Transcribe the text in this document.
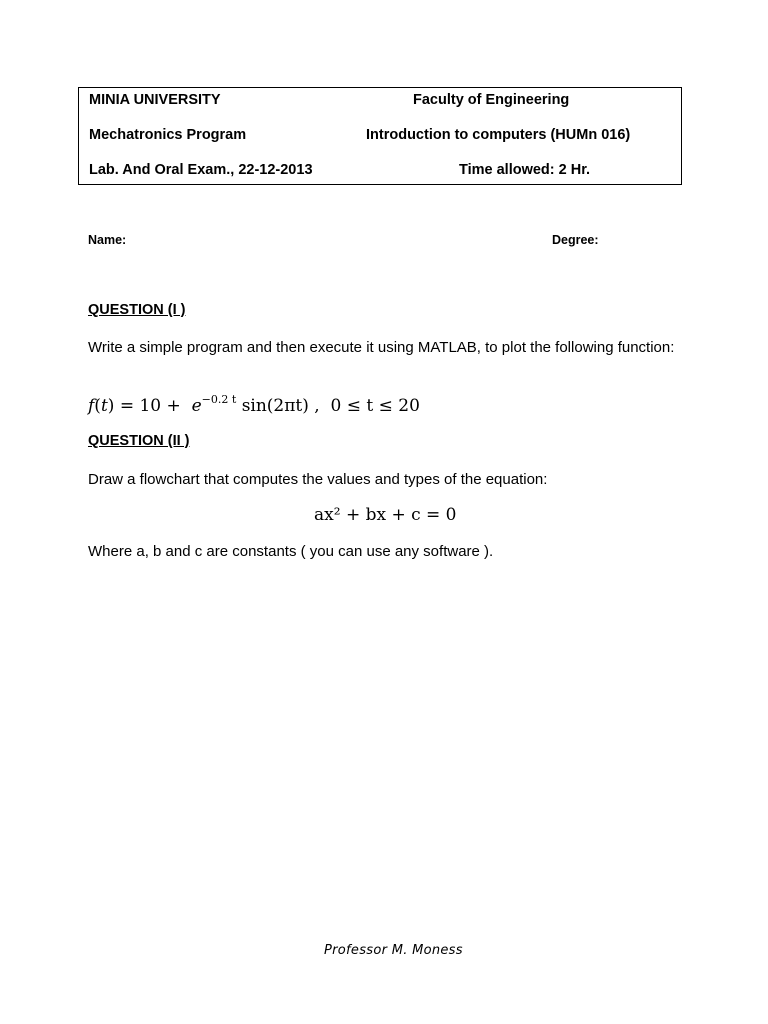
MINIA UNIVERSITY	Faculty of Engineering
Mechatronics Program	Introduction to computers (HUMn 016)
Lab. And Oral Exam., 22-12-2013	Time allowed: 2 Hr.
Name:	Degree:
QUESTION (I )
Write a simple program and then execute it using MATLAB, to plot the following function:
$f(t) = 10 + e^{-0.2 t}$ sin(2πt) ,  0 ≤ t ≤ 20
QUESTION (II )
Draw a flowchart that computes the values and types of the equation:
ax² + bx + c = 0
Where a, b and c are constants ( you can use any software ).
Professor M. Moness
